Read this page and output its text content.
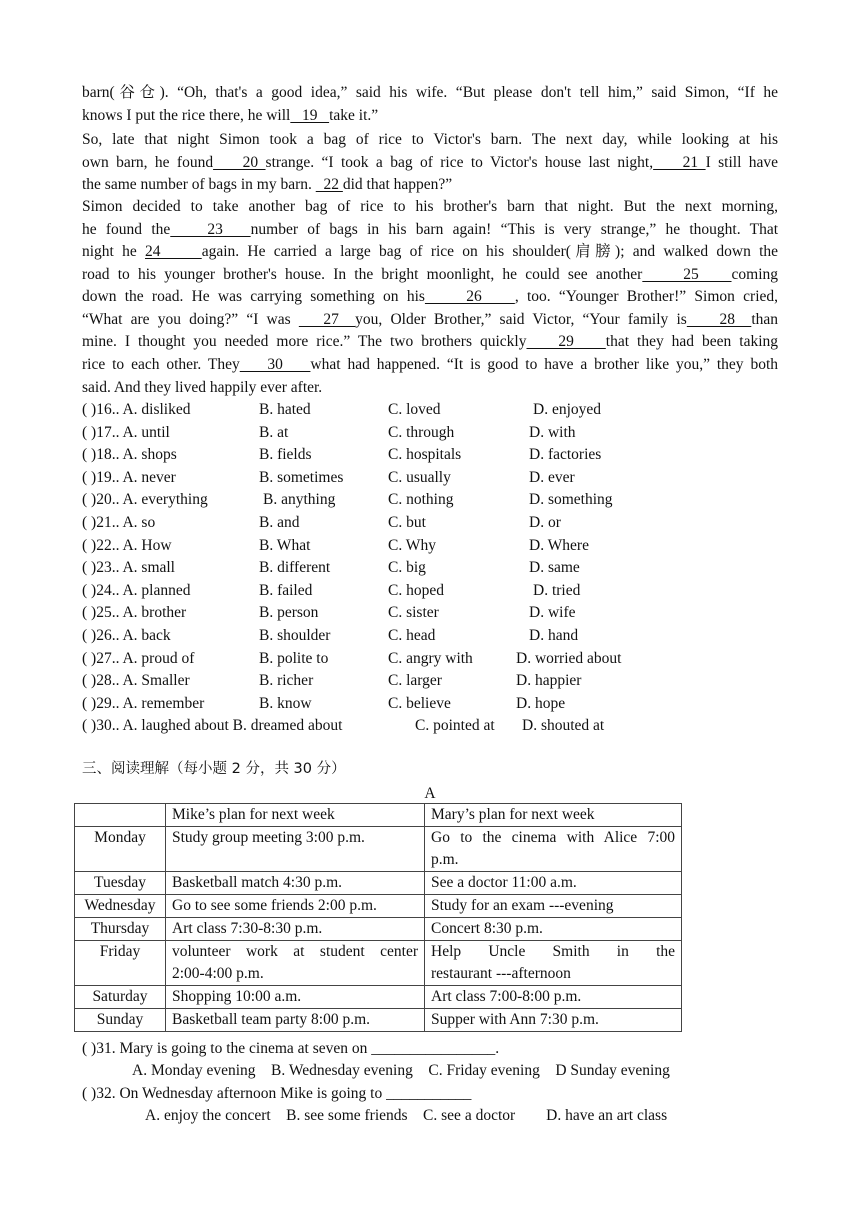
barn(谷仓). “Oh, that's a good idea,” said his wife. “But please don't tell him,” said Simon, “If he
knows I put the rice there, he will   19   take it.”
So, late that night Simon took a bag of rice to Victor's barn. The next day, while looking at his
own barn, he found    20 strange. “I took a bag of rice to Victor's house last night,    21 I still have
the same number of bags in my barn.   22 did that happen?”
Simon decided to take another bag of rice to his brother's barn that night. But the next morning,
he found the    23   number of bags in his barn again! “This is very strange,” he thought. That
night he 24     again. He carried a large bag of rice on his shoulder(肩膀); and walked down the
road to his younger brother's house. In the bright moonlight, he could see another     25    coming
down the road. He was carrying something on his     26    , too. “Younger Brother!” Simon cried,
“What are you doing?” “I was    27  you, Older Brother,” said Victor, “Your family is    28  than
mine. I thought you needed more rice.” The two brothers quickly    29    that they had been taking
rice to each other. They    30    what had happened. “It is good to have a brother like you,” they both
said. And they lived happily ever after.
( )16.. A. disliked	B. hated	C. loved	D. enjoyed
( )17.. A. until	B. at	C. through	D. with
( )18.. A. shops	B. fields	C. hospitals	D. factories
( )19.. A. never	B. sometimes	C. usually	D. ever
( )20.. A. everything	B. anything	C. nothing	D. something
( )21.. A. so	B. and	C. but	D. or
( )22.. A. How	B. What	C. Why	D. Where
( )23.. A. small	B. different	C. big	D. same
( )24.. A. planned	B. failed	C. hoped	D. tried
( )25.. A. brother	B. person	C. sister	D. wife
( )26.. A. back	B. shoulder	C. head	D. hand
( )27.. A. proud of	B. polite to	C. angry with	D. worried about
( )28.. A. Smaller	B. richer	C. larger	D. happier
( )29.. A. remember	B. know	C. believe	D. hope
( )30.. A. laughed about B. dreamed about	C. pointed at D. shouted at
三、阅读理解（每小题 2 分，共 30 分）
A
	Mike’s plan for next week	Mary’s plan for next week
Monday	Study group meeting 3:00 p.m.	Go to the cinema with Alice 7:00
p.m.

Tuesday	Basketball match 4:30 p.m.	See a doctor 11:00 a.m.

Wednesday	Go to see some friends 2:00 p.m.	Study for an exam ---evening

Thursday	Art class 7:30-8:30 p.m.	Concert 8:30 p.m.

Friday	volunteer work at student center
2:00-4:00 p.m.	Help Uncle Smith in the
restaurant ---afternoon

Saturday	Shopping 10:00 a.m.	Art class 7:00-8:00 p.m.

Sunday	Basketball team party 8:00 p.m.	Supper with Ann 7:30 p.m.
( )31. Mary is going to the cinema at seven on ________________.
A. Monday evening    B. Wednesday evening    C. Friday evening    D Sunday evening
( )32. On Wednesday afternoon Mike is going to ___________
A. enjoy the concert    B. see some friends    C. see a doctor        D. have an art class
